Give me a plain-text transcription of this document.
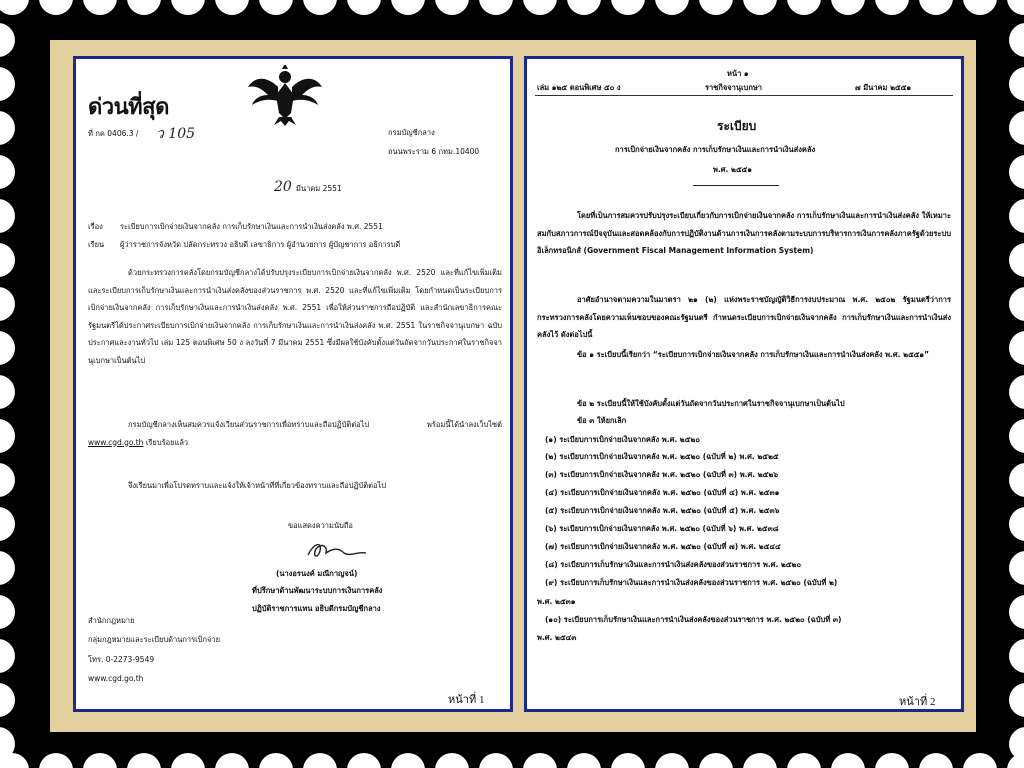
ด่วนที่สุด
ที่ กค 0406.3 / ว 105	กรมบัญชีกลาง
ถนนพระราม 6 กทม.10400
20 มีนาคม 2551
เรื่อง ระเบียบการเบิกจ่ายเงินจากคลัง การเก็บรักษาเงินและการนำเงินส่งคลัง พ.ศ. 2551
เรียน ผู้ว่าราชการจังหวัด ปลัดกระทรวง อธิบดี เลขาธิการ ผู้อำนวยการ ผู้บัญชาการ อธิการบดี
ด้วยกระทรวงการคลังโดยกรมบัญชีกลางได้ปรับปรุงระเบียบการเบิกจ่ายเงินจากคลัง พ.ศ. 2520 และที่แก้ไขเพิ่มเติม และระเบียบการเก็บรักษาเงินและการนำเงินส่งคลังของส่วนราชการ พ.ศ. 2520 และที่แก้ไขเพิ่มเติม โดยกำหนดเป็นระเบียบการเบิกจ่ายเงินจากคลัง การเก็บรักษาเงินและการนำเงินส่งคลัง พ.ศ. 2551 เพื่อให้ส่วนราชการถือปฏิบัติ และสำนักเลขาธิการคณะรัฐมนตรีได้ประกาศระเบียบการเบิกจ่ายเงินจากคลัง การเก็บรักษาเงินและการนำเงินส่งคลัง พ.ศ. 2551 ในราชกิจจานุเบกษา ฉบับประกาศและงานทั่วไป เล่ม 125 ตอนพิเศษ 50 ง ลงวันที่ 7 มีนาคม 2551 ซึ่งมีผลใช้บังคับตั้งแต่วันถัดจากวันประกาศในราชกิจจานุเบกษาเป็นต้นไป
กรมบัญชีกลางเห็นสมควรแจ้งเวียนส่วนราชการเพื่อทราบและถือปฏิบัติต่อไป พร้อมนี้ได้นำลงเว็บไซต์ www.cgd.go.th เรียบร้อยแล้ว
จึงเรียนมาเพื่อโปรดทราบและแจ้งให้เจ้าหน้าที่ที่เกี่ยวข้องทราบและถือปฏิบัติต่อไป
ขอแสดงความนับถือ
(นางอรนงค์ มณีกาญจน์)
ที่ปรึกษาด้านพัฒนาระบบการเงินการคลัง
ปฏิบัติราชการแทน อธิบดีกรมบัญชีกลาง
สำนักกฎหมาย
กลุ่มกฎหมายและระเบียบด้านการเบิกจ่าย
โทร. 0-2273-9549
www.cgd.go.th
หน้าที่ 1
หน้า ๑
เล่ม ๑๒๕ ตอนพิเศษ ๕๐ ง	ราชกิจจานุเบกษา	๗ มีนาคม ๒๕๕๑
ระเบียบ
การเบิกจ่ายเงินจากคลัง การเก็บรักษาเงินและการนำเงินส่งคลัง
พ.ศ. ๒๕๕๑
โดยที่เป็นการสมควรปรับปรุงระเบียบเกี่ยวกับการเบิกจ่ายเงินจากคลัง การเก็บรักษาเงินและการนำเงินส่งคลัง ให้เหมาะสมกับสภาวการณ์ปัจจุบันและสอดคล้องกับการปฏิบัติงานด้านการเงินการคลังตามระบบการบริหารการเงินการคลังภาครัฐด้วยระบบอิเล็กทรอนิกส์ (Government Fiscal Management Information System)
อาศัยอำนาจตามความในมาตรา ๒๑ (๒) แห่งพระราชบัญญัติวิธีการงบประมาณ พ.ศ. ๒๕๐๒ รัฐมนตรีว่าการกระทรวงการคลังโดยความเห็นชอบของคณะรัฐมนตรี กำหนดระเบียบการเบิกจ่ายเงินจากคลัง การเก็บรักษาเงินและการนำเงินส่งคลังไว้ ดังต่อไปนี้
ข้อ ๑ ระเบียบนี้เรียกว่า “ระเบียบการเบิกจ่ายเงินจากคลัง การเก็บรักษาเงินและการนำเงินส่งคลัง พ.ศ. ๒๕๕๑”
ข้อ ๒ ระเบียบนี้ให้ใช้บังคับตั้งแต่วันถัดจากวันประกาศในราชกิจจานุเบกษาเป็นต้นไป
ข้อ ๓ ให้ยกเลิก
(๑) ระเบียบการเบิกจ่ายเงินจากคลัง พ.ศ. ๒๕๒๐
(๒) ระเบียบการเบิกจ่ายเงินจากคลัง พ.ศ. ๒๕๒๐ (ฉบับที่ ๒) พ.ศ. ๒๕๒๕
(๓) ระเบียบการเบิกจ่ายเงินจากคลัง พ.ศ. ๒๕๒๐ (ฉบับที่ ๓) พ.ศ. ๒๕๒๖
(๔) ระเบียบการเบิกจ่ายเงินจากคลัง พ.ศ. ๒๕๒๐ (ฉบับที่ ๔) พ.ศ. ๒๕๓๑
(๕) ระเบียบการเบิกจ่ายเงินจากคลัง พ.ศ. ๒๕๒๐ (ฉบับที่ ๕) พ.ศ. ๒๕๓๖
(๖) ระเบียบการเบิกจ่ายเงินจากคลัง พ.ศ. ๒๕๒๐ (ฉบับที่ ๖) พ.ศ. ๒๕๓๘
(๗) ระเบียบการเบิกจ่ายเงินจากคลัง พ.ศ. ๒๕๒๐ (ฉบับที่ ๗) พ.ศ. ๒๕๔๔
(๘) ระเบียบการเก็บรักษาเงินและการนำเงินส่งคลังของส่วนราชการ พ.ศ. ๒๕๒๐
(๙) ระเบียบการเก็บรักษาเงินและการนำเงินส่งคลังของส่วนราชการ พ.ศ. ๒๕๒๐ (ฉบับที่ ๒)
พ.ศ. ๒๕๓๑
(๑๐) ระเบียบการเก็บรักษาเงินและการนำเงินส่งคลังของส่วนราชการ พ.ศ. ๒๕๒๐ (ฉบับที่ ๓)
พ.ศ. ๒๕๔๓
หน้าที่ 2
